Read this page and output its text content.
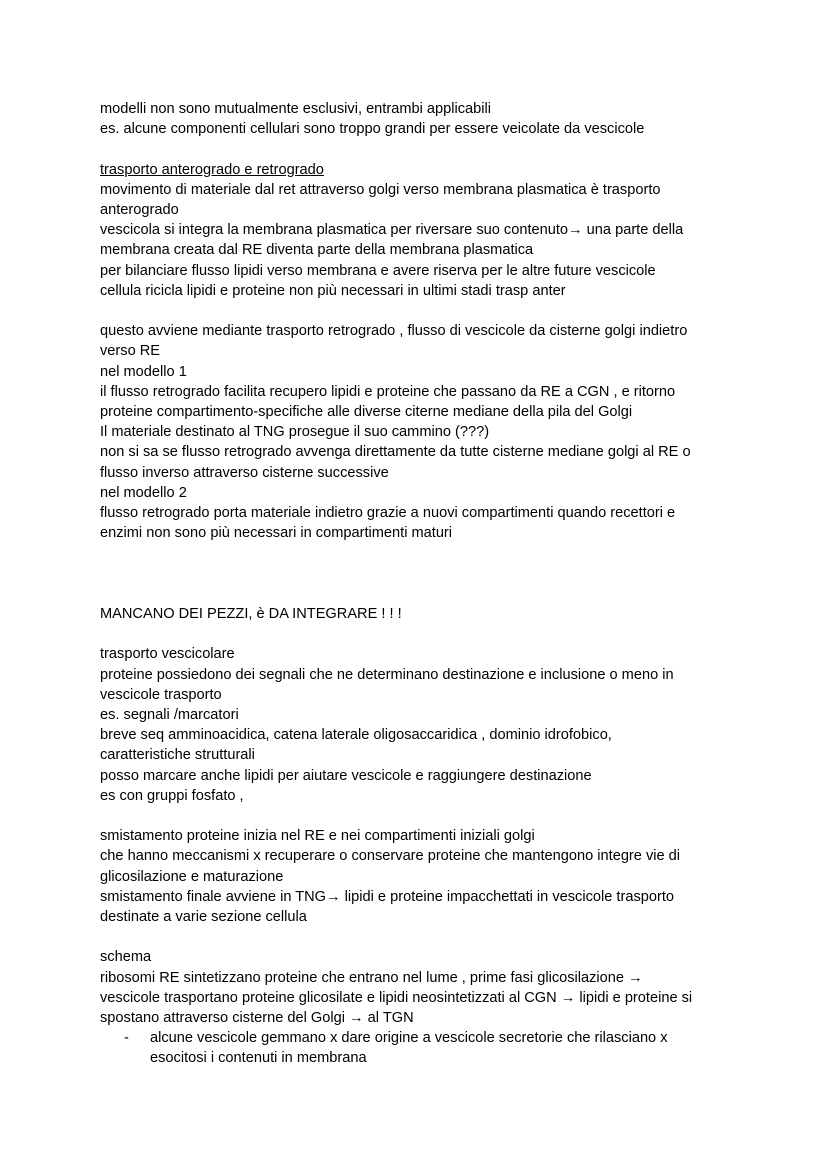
modelli non sono mutualmente esclusivi, entrambi applicabili
es. alcune componenti cellulari sono troppo grandi per essere veicolate da vescicole
trasporto anterogrado e retrogrado
movimento di materiale dal ret attraverso golgi verso membrana plasmatica è trasporto
anterogrado
vescicola si integra la membrana plasmatica per riversare suo contenuto→ una parte della
membrana creata dal RE diventa parte della membrana plasmatica
per bilanciare flusso lipidi verso membrana e avere riserva per le altre future vescicole
cellula ricicla lipidi e proteine non più necessari in ultimi stadi trasp anter
questo avviene mediante trasporto retrogrado , flusso di vescicole da cisterne golgi indietro
verso RE
nel modello 1
il flusso retrogrado facilita recupero lipidi e proteine che passano da RE a CGN , e ritorno
proteine compartimento-specifiche alle diverse citerne mediane della pila del Golgi
Il materiale destinato al TNG prosegue il suo cammino (???)
non si sa se flusso retrogrado avvenga direttamente da tutte cisterne mediane golgi al RE o
flusso inverso attraverso cisterne successive
nel modello 2
flusso retrogrado porta materiale indietro grazie a nuovi compartimenti quando recettori e
enzimi non sono più necessari in compartimenti maturi
MANCANO DEI PEZZI, è DA INTEGRARE ! ! !
trasporto vescicolare
proteine possiedono dei segnali che ne determinano destinazione e inclusione o meno in
vescicole trasporto
es. segnali /marcatori
breve seq amminoacidica, catena laterale oligosaccaridica , dominio idrofobico,
caratteristiche strutturali
posso marcare anche lipidi per aiutare vescicole e raggiungere destinazione
es con gruppi fosfato ,
smistamento proteine inizia nel RE e nei compartimenti iniziali golgi
che hanno meccanismi x recuperare o conservare proteine che mantengono integre vie di
glicosilazione e maturazione
smistamento finale avviene in TNG→ lipidi e proteine impacchettati in vescicole trasporto
destinate a varie sezione cellula
schema
ribosomi RE sintetizzano proteine che entrano nel lume , prime fasi glicosilazione →
vescicole trasportano proteine glicosilate e lipidi neosintetizzati al CGN → lipidi e proteine si
spostano attraverso cisterne del Golgi → al TGN
-	alcune vescicole gemmano x dare origine a vescicole secretorie che rilasciano x
esocitosi i contenuti in membrana
